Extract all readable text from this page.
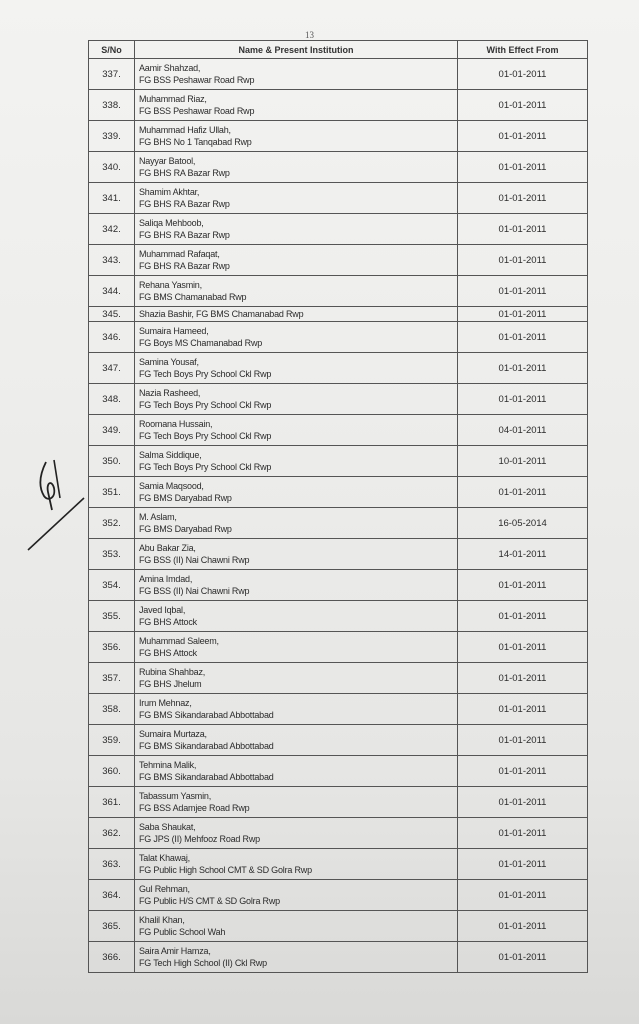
13
S/No	Name & Present Institution	With Effect From
337.	Aamir Shahzad,
FG BSS Peshawar Road Rwp	01-01-2011
338.	Muhammad Riaz,
FG BSS Peshawar Road Rwp	01-01-2011
339.	Muhammad Hafiz Ullah,
FG BHS No 1 Tanqabad Rwp	01-01-2011
340.	Nayyar Batool,
FG BHS RA Bazar Rwp	01-01-2011
341.	Shamim Akhtar,
FG BHS RA Bazar Rwp	01-01-2011
342.	Saliqa Mehboob,
FG BHS RA Bazar Rwp	01-01-2011
343.	Muhammad Rafaqat,
FG BHS RA Bazar Rwp	01-01-2011
344.	Rehana Yasmin,
FG BMS Chamanabad Rwp	01-01-2011
345.	Shazia Bashir, FG BMS Chamanabad Rwp	01-01-2011
346.	Sumaira Hameed,
FG Boys MS Chamanabad Rwp	01-01-2011
347.	Samina Yousaf,
FG Tech Boys Pry School Ckl Rwp	01-01-2011
348.	Nazia Rasheed,
FG Tech Boys Pry School Ckl Rwp	01-01-2011
349.	Roomana Hussain,
FG Tech Boys Pry School Ckl Rwp	04-01-2011
350.	Salma Siddique,
FG Tech Boys Pry School Ckl Rwp	10-01-2011
351.	Samia Maqsood,
FG BMS Daryabad Rwp	01-01-2011
352.	M. Aslam,
FG BMS Daryabad Rwp	16-05-2014
353.	Abu Bakar Zia,
FG BSS (II) Nai Chawni Rwp	14-01-2011
354.	Amina Imdad,
FG BSS (II) Nai Chawni Rwp	01-01-2011
355.	Javed Iqbal,
FG BHS Attock	01-01-2011
356.	Muhammad Saleem,
FG BHS Attock	01-01-2011
357.	Rubina Shahbaz,
FG BHS Jhelum	01-01-2011
358.	Irum Mehnaz,
FG BMS Sikandarabad Abbottabad	01-01-2011
359.	Sumaira Murtaza,
FG BMS Sikandarabad Abbottabad	01-01-2011
360.	Tehmina Malik,
FG BMS Sikandarabad Abbottabad	01-01-2011
361.	Tabassum Yasmin,
FG BSS Adamjee Road Rwp	01-01-2011
362.	Saba Shaukat,
FG JPS (II) Mehfooz Road Rwp	01-01-2011
363.	Talat Khawaj,
FG Public High School CMT & SD Golra Rwp	01-01-2011
364.	Gul Rehman,
FG Public H/S CMT & SD Golra Rwp	01-01-2011
365.	Khalil Khan,
FG Public School Wah	01-01-2011
366.	Saira Amir Hamza,
FG Tech High School (II) Ckl Rwp	01-01-2011
